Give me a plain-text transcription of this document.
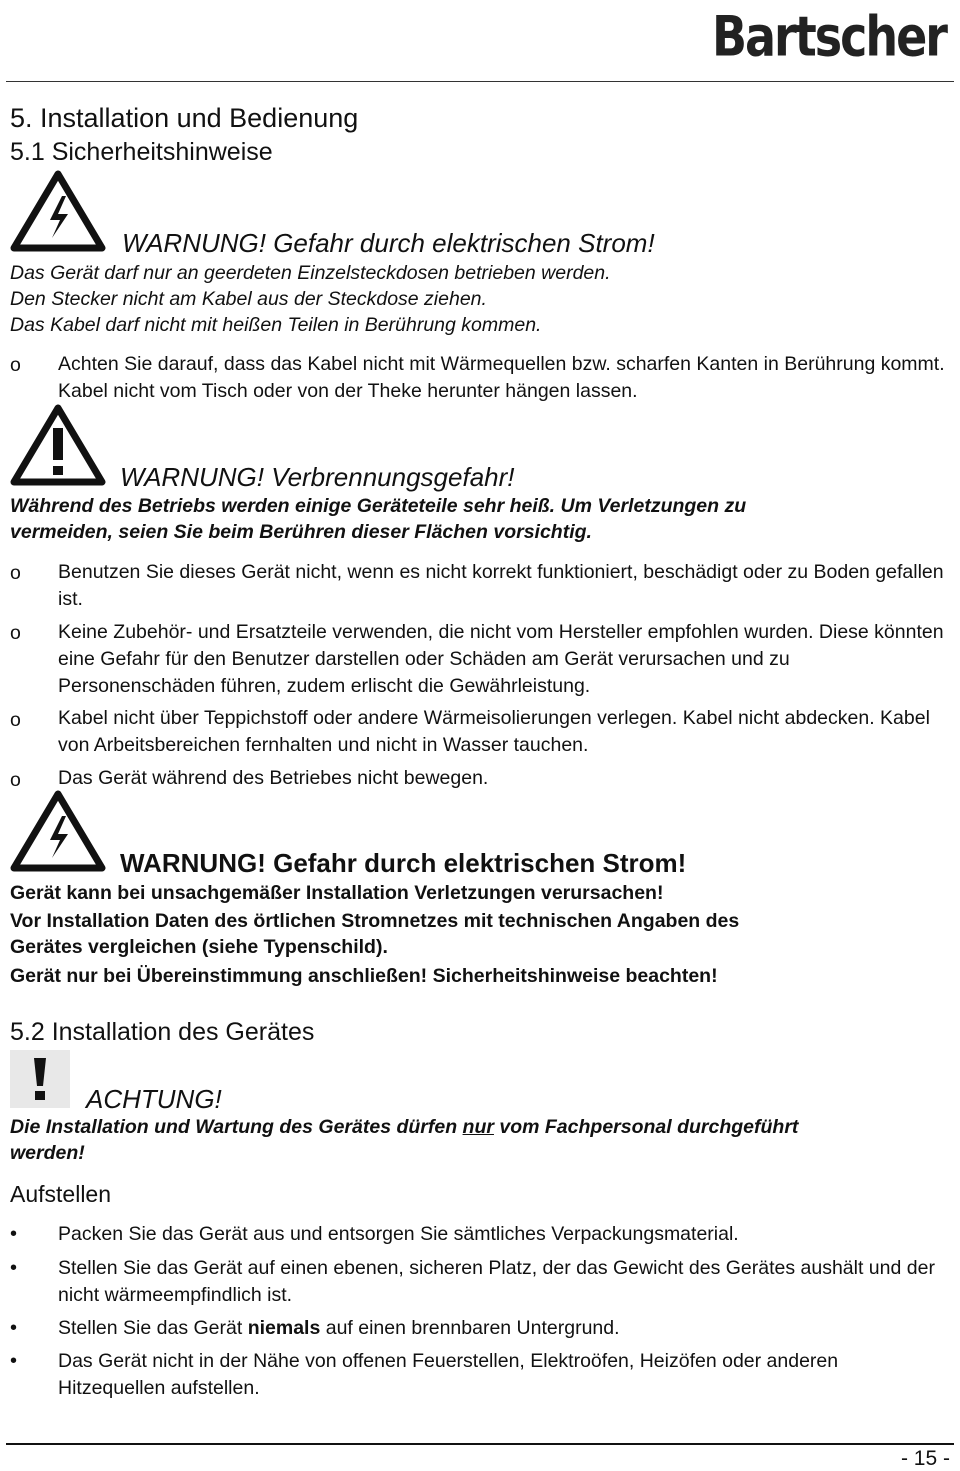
Bartscher
5. Installation und Bedienung
5.1 Sicherheitshinweise
WARNUNG! Gefahr durch elektrischen Strom!
Das Gerät darf nur an geerdeten Einzelsteckdosen betrieben werden.
Den Stecker nicht am Kabel aus der Steckdose ziehen.
Das Kabel darf nicht mit heißen Teilen in Berührung kommen.
o Achten Sie darauf, dass das Kabel nicht mit Wärmequellen bzw. scharfen Kanten in Berührung kommt. Kabel nicht vom Tisch oder von der Theke herunter hängen lassen.
WARNUNG! Verbrennungsgefahr!
Während des Betriebs werden einige Geräteteile sehr heiß. Um Verletzungen zu
vermeiden, seien Sie beim Berühren dieser Flächen vorsichtig.
o Benutzen Sie dieses Gerät nicht, wenn es nicht korrekt funktioniert, beschädigt oder zu Boden gefallen ist.
o Keine Zubehör- und Ersatzteile verwenden, die nicht vom Hersteller empfohlen wurden. Diese könnten eine Gefahr für den Benutzer darstellen oder Schäden am Gerät verursachen und zu Personenschäden führen, zudem erlischt die Gewährleistung.
o Kabel nicht über Teppichstoff oder andere Wärmeisolierungen verlegen. Kabel nicht abdecken. Kabel von Arbeitsbereichen fernhalten und nicht in Wasser tauchen.
o Das Gerät während des Betriebes nicht bewegen.
WARNUNG! Gefahr durch elektrischen Strom!
Gerät kann bei unsachgemäßer Installation Verletzungen verursachen!
Vor Installation Daten des örtlichen Stromnetzes mit technischen Angaben des
Gerätes vergleichen (siehe Typenschild).
Gerät nur bei Übereinstimmung anschließen! Sicherheitshinweise beachten!
5.2 Installation des Gerätes
ACHTUNG!
Die Installation und Wartung des Gerätes dürfen nur vom Fachpersonal durchgeführt
werden!
Aufstellen
• Packen Sie das Gerät aus und entsorgen Sie sämtliches Verpackungsmaterial.
• Stellen Sie das Gerät auf einen ebenen, sicheren Platz, der das Gewicht des Gerätes aushält und der nicht wärmeempfindlich ist.
• Stellen Sie das Gerät niemals auf einen brennbaren Untergrund.
• Das Gerät nicht in der Nähe von offenen Feuerstellen, Elektroöfen, Heizöfen oder anderen Hitzequellen aufstellen.
- 15 -
